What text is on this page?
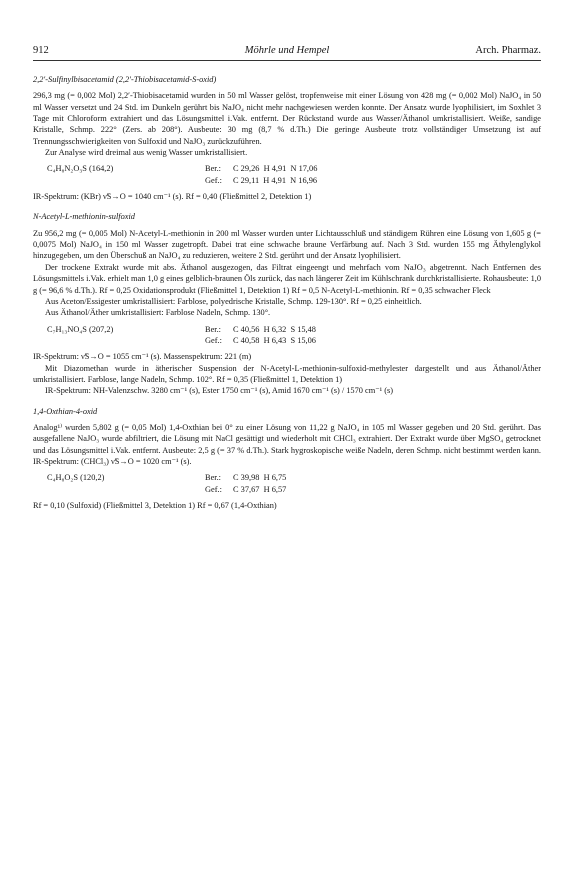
912	Möhrle und Hempel	Arch. Pharmaz.

2,2′-Sulfinylbisacetamid (2,2′-Thiobisacetamid-S-oxid)

296,3 mg (= 0,002 Mol) 2,2′-Thiobisacetamid wurden in 50 ml Wasser gelöst, tropfenweise mit einer Lösung von 428 mg (= 0,002 Mol) NaJO₄ in 50 ml Wasser versetzt und 24 Std. im Dunkeln gerührt bis NaJO₄ nicht mehr nachgewiesen werden konnte. Der Ansatz wurde lyophilisiert, im Soxhlet 3 Tage mit Chloroform extrahiert und das Lösungsmittel i.Vak. entfernt. Der Rückstand wurde aus Wasser/Äthanol umkristallisiert. Weiße, sandige Kristalle, Schmp. 222° (Zers. ab 208°). Ausbeute: 30 mg (8,7 % d.Th.) Die geringe Ausbeute trotz vollständiger Umsetzung ist auf Trennungsschwierigkeiten von Sulfoxid und NaJO₃ zurückzuführen.

Zur Analyse wird dreimal aus wenig Wasser umkristallisiert.

C₄H₈N₂O₃S (164,2)	Ber.:	C 29,26  H 4,91  N 17,06
Gef.:	C 29,11  H 4,91  N 16,96

IR-Spektrum: (KBr) ν̃S→O = 1040 cm⁻¹ (s). Rf = 0,40 (Fließmittel 2, Detektion 1)

N-Acetyl-L-methionin-sulfoxid

Zu 956,2 mg (= 0,005 Mol) N-Acetyl-L-methionin in 200 ml Wasser wurden unter Lichtausschluß und ständigem Rühren eine Lösung von 1,605 g (= 0,0075 Mol) NaJO₄ in 150 ml Wasser zugetropft. Dabei trat eine schwache braune Verfärbung auf. Nach 3 Std. wurden 155 mg Äthylenglykol hinzugegeben, um den Überschuß an NaJO₄ zu reduzieren, weitere 2 Std. gerührt und der Ansatz lyophilisiert.

Der trockene Extrakt wurde mit abs. Äthanol ausgezogen, das Filtrat eingeengt und mehrfach vom NaJO₃ abgetrennt. Nach Entfernen des Lösungsmittels i.Vak. erhielt man 1,0 g eines gelblich-braunen Öls zurück, das nach längerer Zeit im Kühlschrank durchkristallisierte. Rohausbeute: 1,0 g (= 96,6 % d.Th.). Rf = 0,25 Oxidationsprodukt (Fließmittel 1, Detektion 1) Rf = 0,5 N-Acetyl-L-methionin. Rf = 0,35 schwacher Fleck

Aus Aceton/Essigester umkristallisiert: Farblose, polyedrische Kristalle, Schmp. 129-130°. Rf = 0,25 einheitlich.

Aus Äthanol/Äther umkristallisiert: Farblose Nadeln, Schmp. 130°.

C₇H₁₃NO₄S (207,2)	Ber.:	C 40,56  H 6,32  S 15,48
Gef.:	C 40,58  H 6,43  S 15,06

IR-Spektrum: ν̃S→O = 1055 cm⁻¹ (s). Massenspektrum: 221 (m)

Mit Diazomethan wurde in ätherischer Suspension der N-Acetyl-L-methionin-sulfoxid-methylester dargestellt und aus Äthanol/Äther umkristallisiert. Farblose, lange Nadeln, Schmp. 102°. Rf = 0,35 (Fließmittel 1, Detektion 1)

IR-Spektrum: NH-Valenzschw. 3280 cm⁻¹ (s), Ester 1750 cm⁻¹ (s), Amid 1670 cm⁻¹ (s) / 1570 cm⁻¹ (s)

1,4-Oxthian-4-oxid

Analog¹⁾ wurden 5,802 g (= 0,05 Mol) 1,4-Oxthian bei 0° zu einer Lösung von 11,22 g NaJO₄ in 105 ml Wasser gegeben und 20 Std. gerührt. Das ausgefallene NaJO₃ wurde abfiltriert, die Lösung mit NaCl gesättigt und wiederholt mit CHCl₃ extrahiert. Der Extrakt wurde über MgSO₄ getrocknet und das Lösungsmittel i.Vak. entfernt. Ausbeute: 2,5 g (= 37 % d.Th.). Stark hygroskopische weiße Nadeln, deren Schmp. nicht bestimmt werden kann. IR-Spektrum: (CHCl₃) ν̃S→O = 1020 cm⁻¹ (s).

C₄H₈O₂S (120,2)	Ber.:	C 39,98  H 6,75
Gef.:	C 37,67  H 6,57

Rf = 0,10 (Sulfoxid) (Fließmittel 3, Detektion 1) Rf = 0,67 (1,4-Oxthian)
